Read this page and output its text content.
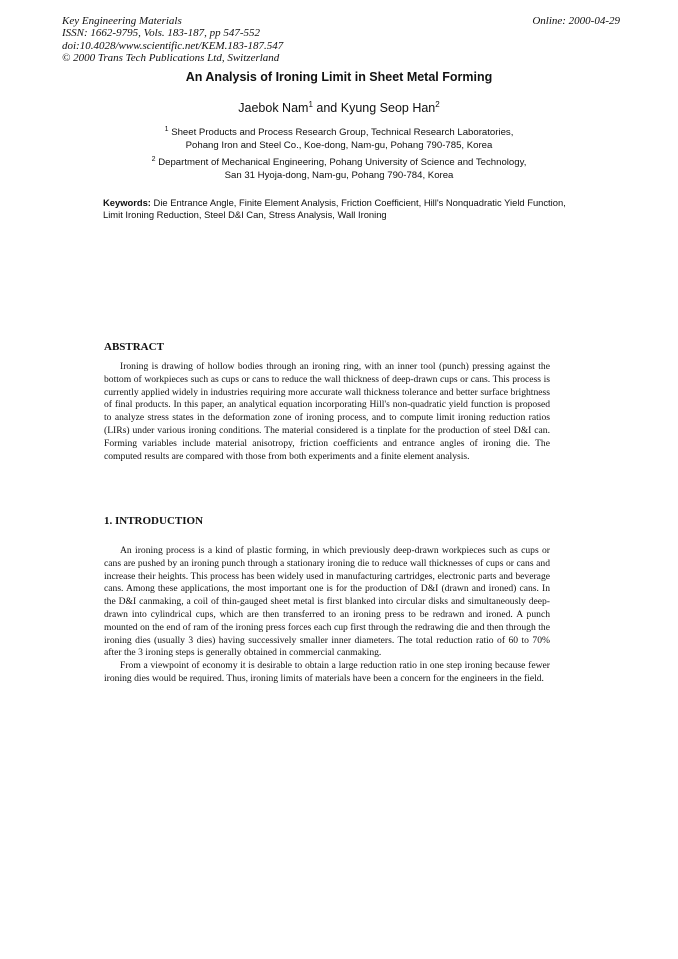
Key Engineering Materials
ISSN: 1662-9795, Vols. 183-187, pp 547-552
doi:10.4028/www.scientific.net/KEM.183-187.547
© 2000 Trans Tech Publications Ltd, Switzerland
Online: 2000-04-29
An Analysis of Ironing Limit in Sheet Metal Forming
Jaebok Nam$^1$ and Kyung Seop Han$^2$
$^1$ Sheet Products and Process Research Group, Technical Research Laboratories,
Pohang Iron and Steel Co., Koe-dong, Nam-gu, Pohang 790-785, Korea
$^2$ Department of Mechanical Engineering, Pohang University of Science and Technology,
San 31 Hyoja-dong, Nam-gu, Pohang 790-784, Korea
Keywords: Die Entrance Angle, Finite Element Analysis, Friction Coefficient, Hill's Nonquadratic Yield Function, Limit Ironing Reduction, Steel D&I Can, Stress Analysis, Wall Ironing
ABSTRACT

Ironing is drawing of hollow bodies through an ironing ring, with an inner tool (punch) pressing against the bottom of workpieces such as cups or cans to reduce the wall thickness of deep-drawn cups or cans. This process is currently applied widely in industries requiring more accurate wall thickness tolerance and better surface brightness of final products. In this paper, an analytical equation incorporating Hill's non-quadratic yield function is proposed to analyze stress states in the deformation zone of ironing process, and to compute limit ironing reduction ratios (LIRs) under various ironing conditions. The material considered is a tinplate for the production of steel D&I can. Forming variables include material anisotropy, friction coefficients and entrance angles of ironing die. The computed results are compared with those from both experiments and a finite element analysis.

1. INTRODUCTION

An ironing process is a kind of plastic forming, in which previously deep-drawn workpieces such as cups or cans are pushed by an ironing punch through a stationary ironing die to reduce wall thicknesses of cups or cans and increase their heights. This process has been widely used in manufacturing cartridges, electronic parts and beverage cans. Among these applications, the most important one is for the production of D&I (drawn and ironed) cans. In the D&I canmaking, a coil of thin-gauged sheet metal is first blanked into circular disks and simultaneously deep-drawn into cylindrical cups, which are then transferred to an ironing press to be redrawn and ironed. A punch mounted on the end of ram of the ironing press forces each cup first through the redrawing die and then through the ironing dies (usually 3 dies) having successively smaller inner diameters. The total reduction ratio of 60 to 70% after the 3 ironing steps is generally obtained in commercial canmaking.

From a viewpoint of economy it is desirable to obtain a large reduction ratio in one step ironing because fewer ironing dies would be required. Thus, ironing limits of materials have been a concern for the engineers in the field.
